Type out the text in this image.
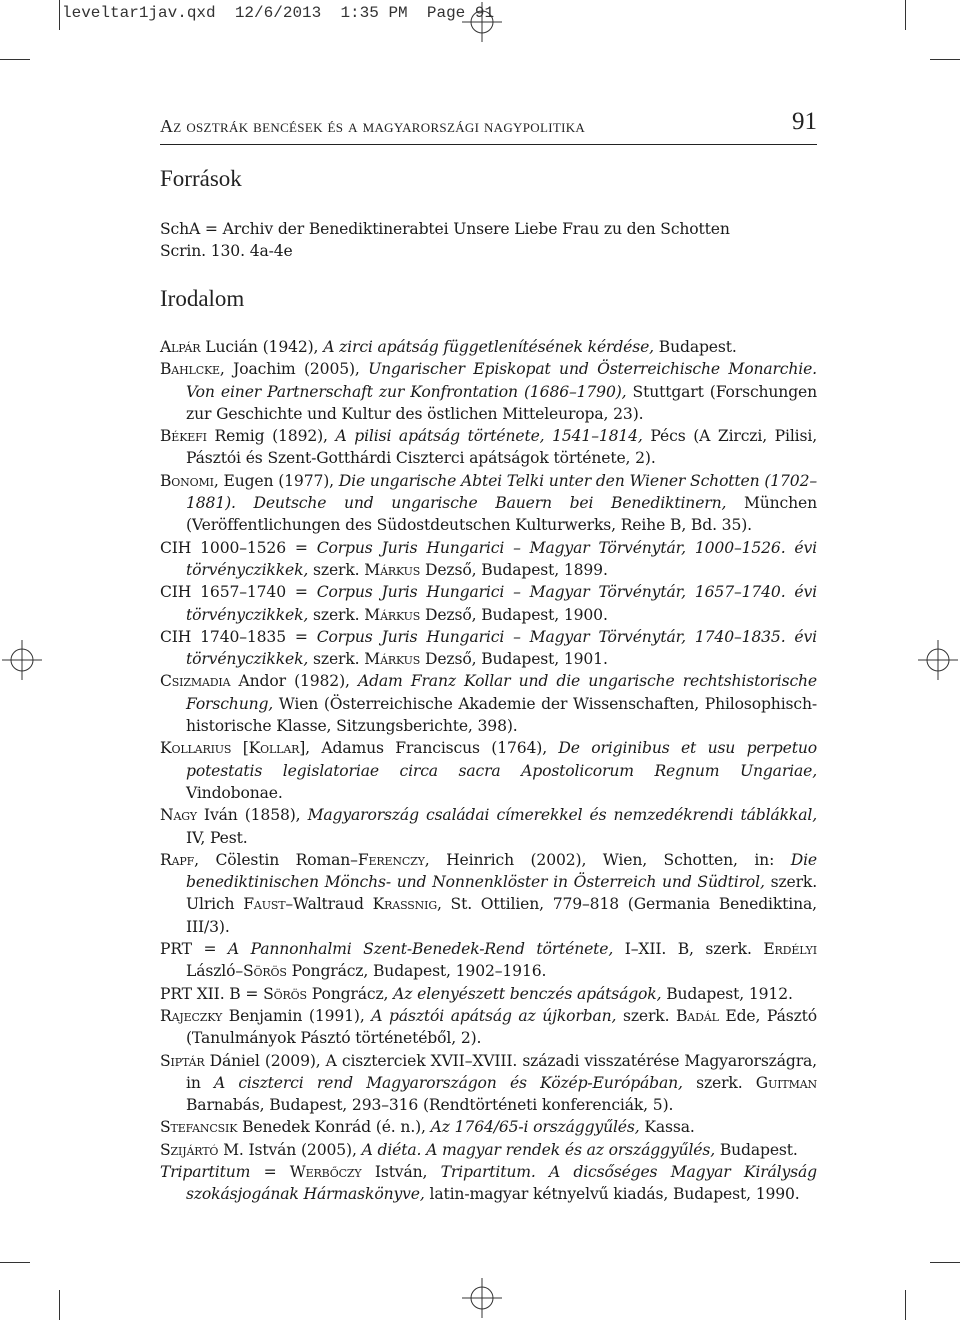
leveltar1jav.qxd  12/6/2013  1:35 PM  Page 91
Az osztrák bencések és a magyarországi nagypolitika	91
Források

SchA = Archiv der Benediktinerabtei Unsere Liebe Frau zu den Schotten

Scrin. 130. 4a-4e

Irodalom

Alpár Lucián (1942), A zirci apátság függetlenítésének kérdése, Budapest.

Bahlcke, Joachim (2005), Ungarischer Episkopat und Österreichische Monarchie. Von einer Partnerschaft zur Konfrontation (1686–1790), Stuttgart (Forschungen zur Geschichte und Kultur des östlichen Mitteleuropa, 23).

Békefi Remig (1892), A pilisi apátság története, 1541–1814, Pécs (A Zirczi, Pilisi, Pásztói és Szent-Gotthárdi Ciszterci apátságok története, 2).

Bonomi, Eugen (1977), Die ungarische Abtei Telki unter den Wiener Schotten (1702–1881). Deutsche und ungarische Bauern bei Benediktinern, München (Veröffentlichungen des Südostdeutschen Kulturwerks, Reihe B, Bd. 35).

CIH 1000–1526 = Corpus Juris Hungarici – Magyar Törvénytár, 1000–1526. évi törvényczikkek, szerk. Márkus Dezső, Budapest, 1899.

CIH 1657–1740 = Corpus Juris Hungarici – Magyar Törvénytár, 1657–1740. évi törvényczikkek, szerk. Márkus Dezső, Budapest, 1900.

CIH 1740–1835 = Corpus Juris Hungarici – Magyar Törvénytár, 1740–1835. évi törvényczikkek, szerk. Márkus Dezső, Budapest, 1901.

Csizmadia Andor (1982), Adam Franz Kollar und die ungarische rechtshistorische Forschung, Wien (Österreichische Akademie der Wissenschaften, Philosophisch-historische Klasse, Sitzungsberichte, 398).

Kollarius [Kollar], Adamus Franciscus (1764), De originibus et usu perpetuo potestatis legislatoriae circa sacra Apostolicorum Regnum Ungariae, Vindobonae.

Nagy Iván (1858), Magyarország családai címerekkel és nemzedékrendi táblákkal, IV, Pest.

Rapf, Cölestin Roman–Ferenczy, Heinrich (2002), Wien, Schotten, in: Die benediktinischen Mönchs- und Nonnenklöster in Österreich und Südtirol, szerk. Ulrich Faust–Waltraud Krassnig, St. Ottilien, 779–818 (Germania Benediktina, III/3).

PRT = A Pannonhalmi Szent-Benedek-Rend története, I–XII. B, szerk. Erdélyi László–Sörös Pongrácz, Budapest, 1902–1916.

PRT XII. B = Sörös Pongrácz, Az elenyészett benczés apátságok, Budapest, 1912.

Rajeczky Benjamin (1991), A pásztói apátság az újkorban, szerk. Badál Ede, Pásztó (Tanulmányok Pásztó történetéből, 2).

Siptár Dániel (2009), A ciszterciek XVII–XVIII. századi visszatérése Magyarországra, in A ciszterci rend Magyarországon és Közép-Európában, szerk. Guitman Barnabás, Budapest, 293–316 (Rendtörténeti konferenciák, 5).

Stefancsik Benedek Konrád (é. n.), Az 1764/65-i országgyűlés, Kassa.

Szijártó M. István (2005), A diéta. A magyar rendek és az országgyűlés, Budapest.

Tripartitum = Werbőczy István, Tripartitum. A dicsőséges Magyar Királyság szokásjogának Hármaskönyve, latin-magyar kétnyelvű kiadás, Budapest, 1990.
